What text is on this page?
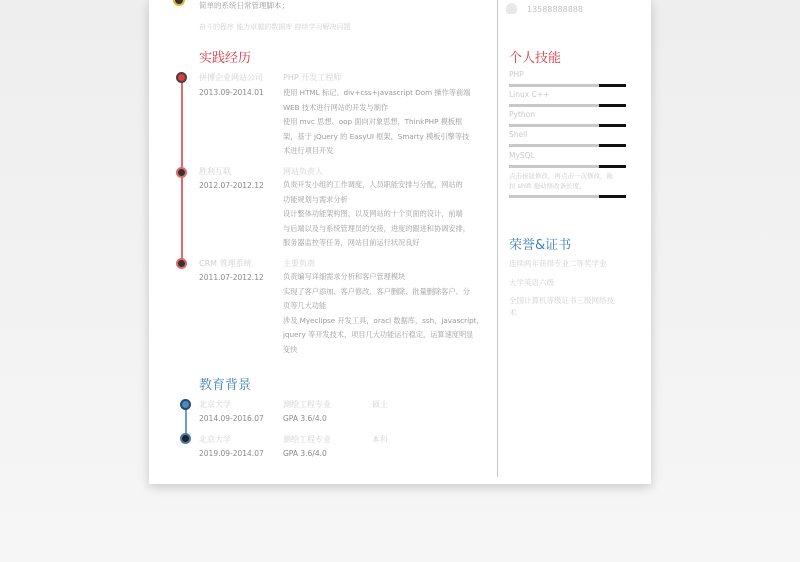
简单的系统日常管理脚本；
奋斗的程序 能力卓越的数据库 持续学习解决问题
实践经历
拼搏企业网站公司	PHP 开发工程师
2013.09-2014.01	使用 HTML 标记、div+css+javascript Dom 操作等前端
WEB 技术进行网站的开发与制作
使用 mvc 思想、oop 面向对象思想，ThinkPHP 模板框
架，基于 jQuery 的 EasyUI 框架，Smarty 模板引擎等技
术进行项目开发
胜利互联	网站负责人
2012.07-2012.12	负责开发小组的工作调度，人员职能安排与分配，网站的
功能规划与需求分析
设计整体功能架构图，以及网站的十个页面的设计，前端
与后端以及与系统管理员的交接，进度的跟进和协调安排，
服务器监控等任务，网站目前运行状况良好
CRM 管理系统	主要负责
2011.07-2012.12	负责编写详细需求分析和客户管理模块
实现了客户添加、客户修改、客户删除、批量删除客户、分
页等几大功能
涉及 Myeclipse 开发工具，oracl 数据库，ssh，javascript，
jquery 等开发技术，项目几大功能运行稳定，运算速度明显
变快
教育背景
北京大学	测绘工程专业	硕士
2014.09-2016.07	GPA 3.6/4.0
北京大学	测绘工程专业	本科
2019.09-2014.07	GPA 3.6/4.0
13588888888
个人技能
PHP
Linux C++
Python
Shell
MySQL
点击按钮修改，再点击一次修改，拖
拉 shift 拖动修改条长度。
荣誉&证书
连续两年获得专业二等奖学金
大学英语六级
全国计算机等级证书三级网络技
术
